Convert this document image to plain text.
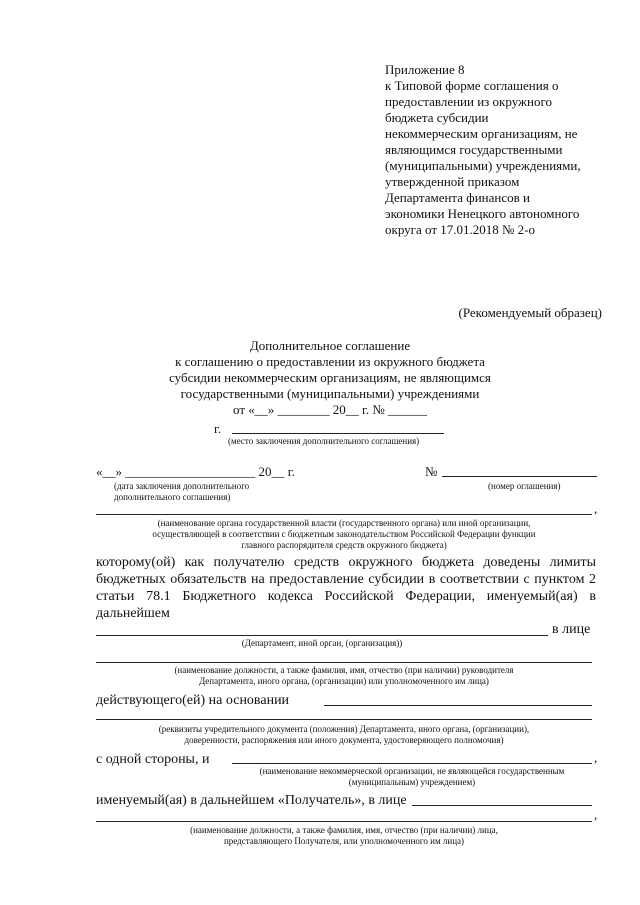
Приложение 8
к Типовой форме соглашения о
предоставлении из окружного
бюджета субсидии
некоммерческим организациям, не
являющимся государственными
(муниципальными) учреждениями,
утвержденной приказом
Департамента финансов и
экономики Ненецкого автономного
округа от 17.01.2018 № 2-о
(Рекомендуемый образец)
Дополнительное соглашение
к соглашению о предоставлении из окружного бюджета
субсидии некоммерческим организациям, не являющимся
государственными (муниципальными) учреждениями
от «__» ________ 20__ г. № ______
г.
(место заключения дополнительного соглашения)
«__» ____________________ 20__ г.	№
(дата заключения дополнительного
дополнительного соглашения)
(номер оглашения)
,
(наименование органа государственной власти (государственного органа) или иной организации,
осуществляющей в соответствии с бюджетным законодательством Российской Федерации функции
главного распорядителя средств окружного бюджета)
которому(ой) как получателю средств окружного бюджета доведены лимиты
бюджетных обязательств на предоставление субсидии в соответствии с пунктом 2
статьи 78.1 Бюджетного кодекса Российской Федерации, именуемый(ая) в
дальнейшем
в лице
(Департамент, иной орган, (организация))
(наименование должности, а также фамилия, имя, отчество (при наличии) руководителя
Департамента, иного органа, (организации) или уполномоченного им лица)
действующего(ей) на основании
(реквизиты учредительного документа (положения) Департамента, иного органа, (организации),
доверенности, распоряжения или иного документа, удостоверяющего полномочия)
с одной стороны, и	,
(наименование некоммерческой организации, не являющейся государственным
(муниципальным) учреждением)
именуемый(ая) в дальнейшем «Получатель», в лице
,
(наименование должности, а также фамилия, имя, отчество (при наличии) лица,
представляющего Получателя, или уполномоченного им лица)
